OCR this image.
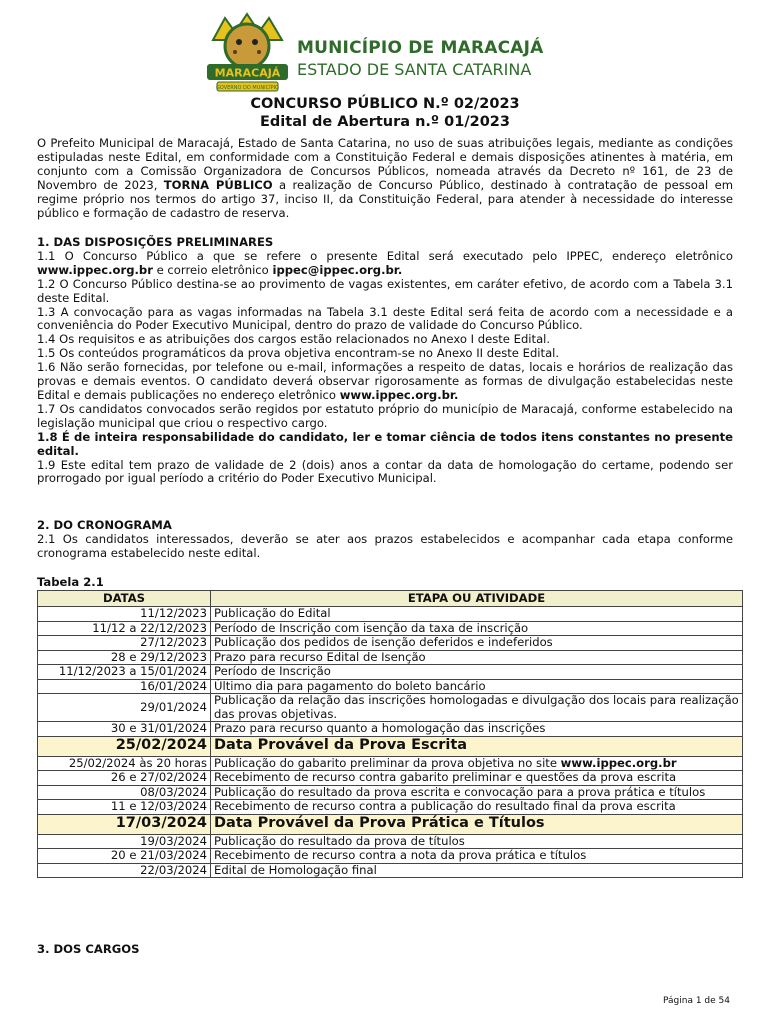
MARACAJÁ
GOVERNO DO MUNICÍPIO
MUNICÍPIO DE MARACAJÁ
ESTADO DE SANTA CATARINA
CONCURSO PÚBLICO N.º 02/2023
Edital de Abertura n.º 01/2023

O Prefeito Municipal de Maracajá, Estado de Santa Catarina, no uso de suas atribuições legais, mediante as condições estipuladas neste Edital, em conformidade com a Constituição Federal e demais disposições atinentes à matéria, em conjunto com a Comissão Organizadora de Concursos Públicos, nomeada através da Decreto nº 161, de 23 de Novembro de 2023, TORNA PÚBLICO a realização de Concurso Público, destinado à contratação de pessoal em regime próprio nos termos do artigo 37, inciso II, da Constituição Federal, para atender à necessidade do interesse público e formação de cadastro de reserva.

1. DAS DISPOSIÇÕES PRELIMINARES

1.1 O Concurso Público a que se refere o presente Edital será executado pelo IPPEC, endereço eletrônico www.ippec.org.br e correio eletrônico ippec@ippec.org.br.

1.2 O Concurso Público destina-se ao provimento de vagas existentes, em caráter efetivo, de acordo com a Tabela 3.1 deste Edital.

1.3 A convocação para as vagas informadas na Tabela 3.1 deste Edital será feita de acordo com a necessidade e a conveniência do Poder Executivo Municipal, dentro do prazo de validade do Concurso Público.

1.4 Os requisitos e as atribuições dos cargos estão relacionados no Anexo I deste Edital.

1.5 Os conteúdos programáticos da prova objetiva encontram-se no Anexo II deste Edital.

1.6 Não serão fornecidas, por telefone ou e-mail, informações a respeito de datas, locais e horários de realização das provas e demais eventos. O candidato deverá observar rigorosamente as formas de divulgação estabelecidas neste Edital e demais publicações no endereço eletrônico www.ippec.org.br.

1.7 Os candidatos convocados serão regidos por estatuto próprio do município de Maracajá, conforme estabelecido na legislação municipal que criou o respectivo cargo.

1.8 É de inteira responsabilidade do candidato, ler e tomar ciência de todos itens constantes no presente edital.

1.9 Este edital tem prazo de validade de 2 (dois) anos a contar da data de homologação do certame, podendo ser prorrogado por igual período a critério do Poder Executivo Municipal.

2. DO CRONOGRAMA

2.1 Os candidatos interessados, deverão se ater aos prazos estabelecidos e acompanhar cada etapa conforme cronograma estabelecido neste edital.

Tabela 2.1
DATAS	ETAPA OU ATIVIDADE
11/12/2023	Publicação do Edital
11/12 a 22/12/2023	Período de Inscrição com isenção da taxa de inscrição
27/12/2023	Publicação dos pedidos de isenção deferidos e indeferidos
28 e 29/12/2023	Prazo para recurso Edital de Isenção
11/12/2023 a 15/01/2024	Período de Inscrição
16/01/2024	Último dia para pagamento do boleto bancário
29/01/2024	Publicação da relação das inscrições homologadas e divulgação dos locais para realização das provas objetivas.
30 e 31/01/2024	Prazo para recurso quanto a homologação das inscrições
25/02/2024	Data Provável da Prova Escrita
25/02/2024 às 20 horas	Publicação do gabarito preliminar da prova objetiva no site www.ippec.org.br
26 e 27/02/2024	Recebimento de recurso contra gabarito preliminar e questões da prova escrita
08/03/2024	Publicação do resultado da prova escrita e convocação para a prova prática e títulos
11 e 12/03/2024	Recebimento de recurso contra a publicação do resultado final da prova escrita
17/03/2024	Data Provável da Prova Prática e Títulos
19/03/2024	Publicação do resultado da prova de títulos
20 e 21/03/2024	Recebimento de recurso contra a nota da prova prática e títulos
22/03/2024	Edital de Homologação final
3. DOS CARGOS
Página 1 de 54
